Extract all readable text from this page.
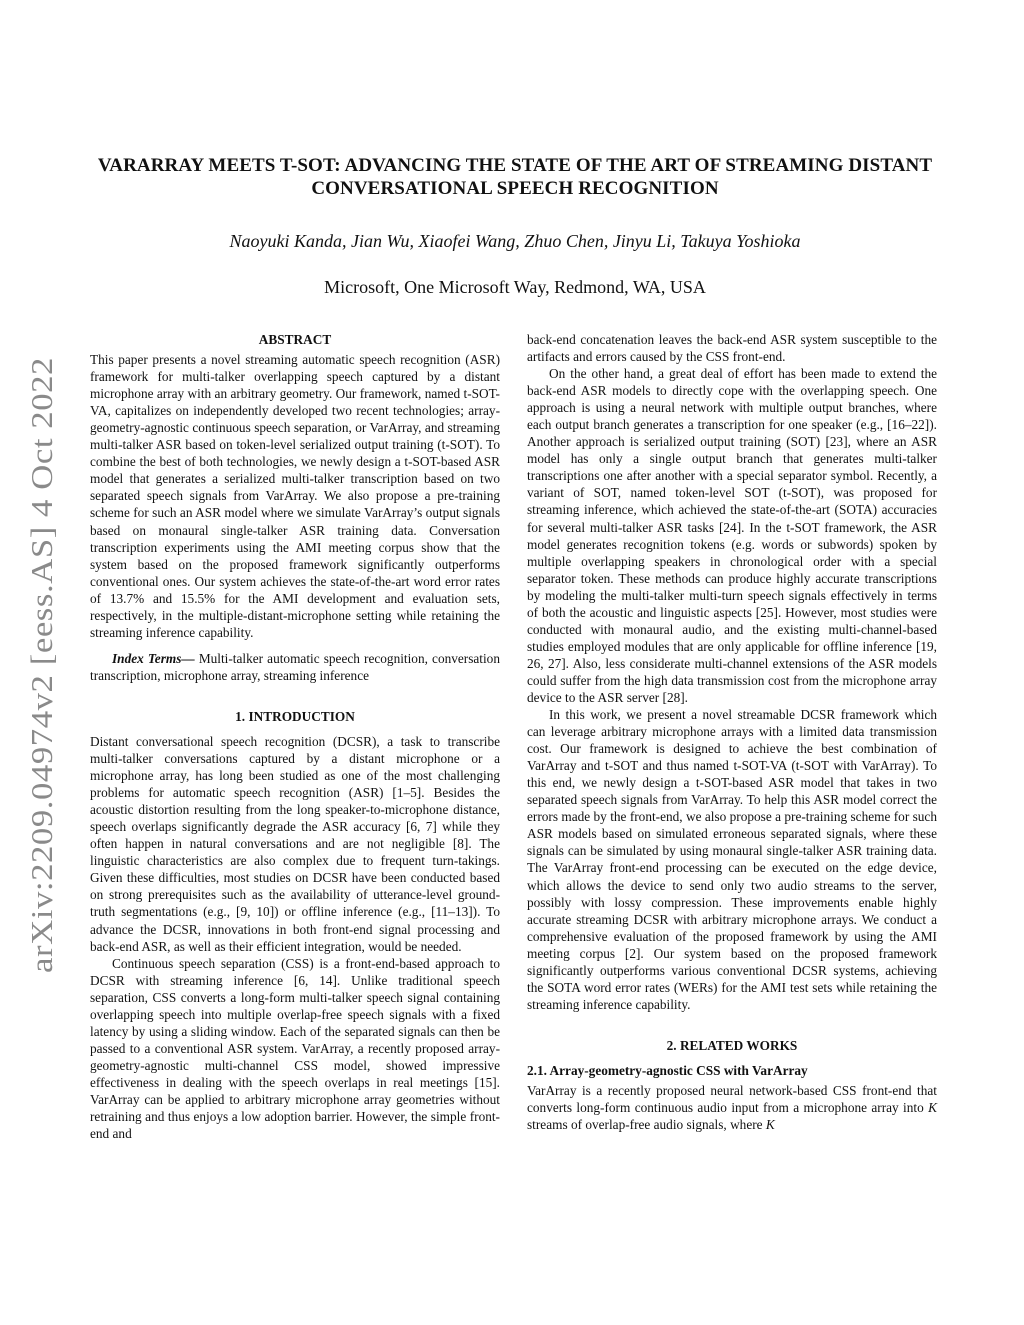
arXiv:2209.04974v2 [eess.AS] 4 Oct 2022
VARARRAY MEETS T-SOT: ADVANCING THE STATE OF THE ART OF STREAMING DISTANT CONVERSATIONAL SPEECH RECOGNITION
Naoyuki Kanda, Jian Wu, Xiaofei Wang, Zhuo Chen, Jinyu Li, Takuya Yoshioka
Microsoft, One Microsoft Way, Redmond, WA, USA
ABSTRACT

This paper presents a novel streaming automatic speech recognition (ASR) framework for multi-talker overlapping speech captured by a distant microphone array with an arbitrary geometry. Our framework, named t-SOT-VA, capitalizes on independently developed two recent technologies; array-geometry-agnostic continuous speech separation, or VarArray, and streaming multi-talker ASR based on token-level serialized output training (t-SOT). To combine the best of both technologies, we newly design a t-SOT-based ASR model that generates a serialized multi-talker transcription based on two separated speech signals from VarArray. We also propose a pre-training scheme for such an ASR model where we simulate VarArray’s output signals based on monaural single-talker ASR training data. Conversation transcription experiments using the AMI meeting corpus show that the system based on the proposed framework significantly outperforms conventional ones. Our system achieves the state-of-the-art word error rates of 13.7% and 15.5% for the AMI development and evaluation sets, respectively, in the multiple-distant-microphone setting while retaining the streaming inference capability.

Index Terms— Multi-talker automatic speech recognition, conversation transcription, microphone array, streaming inference

1. INTRODUCTION

Distant conversational speech recognition (DCSR), a task to transcribe multi-talker conversations captured by a distant microphone or a microphone array, has long been studied as one of the most challenging problems for automatic speech recognition (ASR) [1–5]. Besides the acoustic distortion resulting from the long speaker-to-microphone distance, speech overlaps significantly degrade the ASR accuracy [6, 7] while they often happen in natural conversations and are not negligible [8]. The linguistic characteristics are also complex due to frequent turn-takings. Given these difficulties, most studies on DCSR have been conducted based on strong prerequisites such as the availability of utterance-level ground-truth segmentations (e.g., [9, 10]) or offline inference (e.g., [11–13]). To advance the DCSR, innovations in both front-end signal processing and back-end ASR, as well as their efficient integration, would be needed.

Continuous speech separation (CSS) is a front-end-based approach to DCSR with streaming inference [6, 14]. Unlike traditional speech separation, CSS converts a long-form multi-talker speech signal containing overlapping speech into multiple overlap-free speech signals with a fixed latency by using a sliding window. Each of the separated signals can then be passed to a conventional ASR system. VarArray, a recently proposed array-geometry-agnostic multi-channel CSS model, showed impressive effectiveness in dealing with the speech overlaps in real meetings [15]. VarArray can be applied to arbitrary microphone array geometries without retraining and thus enjoys a low adoption barrier. However, the simple front-end and

back-end concatenation leaves the back-end ASR system susceptible to the artifacts and errors caused by the CSS front-end.

On the other hand, a great deal of effort has been made to extend the back-end ASR models to directly cope with the overlapping speech. One approach is using a neural network with multiple output branches, where each output branch generates a transcription for one speaker (e.g., [16–22]). Another approach is serialized output training (SOT) [23], where an ASR model has only a single output branch that generates multi-talker transcriptions one after another with a special separator symbol. Recently, a variant of SOT, named token-level SOT (t-SOT), was proposed for streaming inference, which achieved the state-of-the-art (SOTA) accuracies for several multi-talker ASR tasks [24]. In the t-SOT framework, the ASR model generates recognition tokens (e.g. words or subwords) spoken by multiple overlapping speakers in chronological order with a special separator token. These methods can produce highly accurate transcriptions by modeling the multi-talker multi-turn speech signals effectively in terms of both the acoustic and linguistic aspects [25]. However, most studies were conducted with monaural audio, and the existing multi-channel-based studies employed modules that are only applicable for offline inference [19, 26, 27]. Also, less considerate multi-channel extensions of the ASR models could suffer from the high data transmission cost from the microphone array device to the ASR server [28].

In this work, we present a novel streamable DCSR framework which can leverage arbitrary microphone arrays with a limited data transmission cost. Our framework is designed to achieve the best combination of VarArray and t-SOT and thus named t-SOT-VA (t-SOT with VarArray). To this end, we newly design a t-SOT-based ASR model that takes in two separated speech signals from VarArray. To help this ASR model correct the errors made by the front-end, we also propose a pre-training scheme for such ASR models based on simulated erroneous separated signals, where these signals can be simulated by using monaural single-talker ASR training data. The VarArray front-end processing can be executed on the edge device, which allows the device to send only two audio streams to the server, possibly with lossy compression. These improvements enable highly accurate streaming DCSR with arbitrary microphone arrays. We conduct a comprehensive evaluation of the proposed framework by using the AMI meeting corpus [2]. Our system based on the proposed framework significantly outperforms various conventional DCSR systems, achieving the SOTA word error rates (WERs) for the AMI test sets while retaining the streaming inference capability.

2. RELATED WORKS
2.1. Array-geometry-agnostic CSS with VarArray

VarArray is a recently proposed neural network-based CSS front-end that converts long-form continuous audio input from a microphone array into K streams of overlap-free audio signals, where K
